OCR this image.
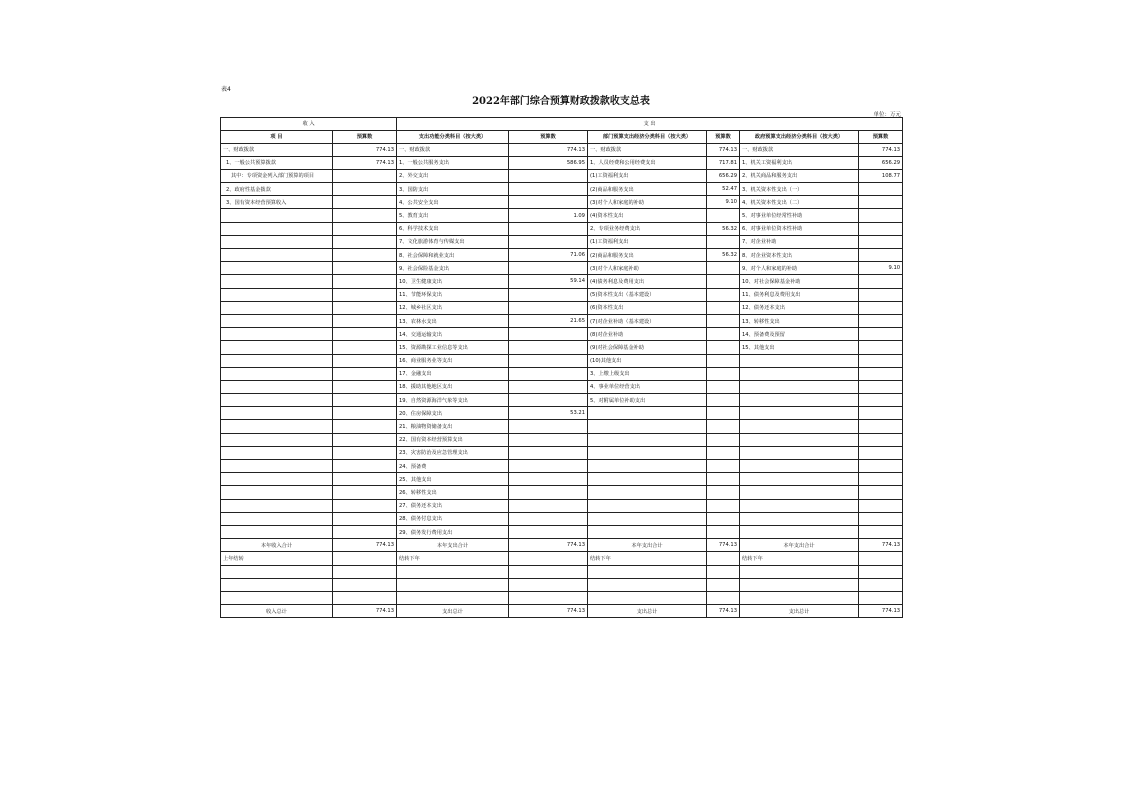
表4
2022年部门综合预算财政拨款收支总表
单位：万元
收 入		支 出					
项 目	预算数	支出功能分类科目（按大类）	预算数	部门预算支出经济分类科目（按大类）	预算数	政府预算支出经济分类科目（按大类）	预算数
一、财政拨款	774.13	一、财政拨款	774.13	一、财政拨款	774.13	一、财政拨款	774.13
1、一般公共预算拨款	774.13	1、一般公共服务支出	586.95	1、人员经费和公用经费支出	717.81	1、机关工资福利支出	656.29
其中：专项资金列入部门预算的项目		2、外交支出		(1)工资福利支出	656.29	2、机关商品和服务支出	108.77
2、政府性基金拨款		3、国防支出		(2)商品和服务支出	52.47	3、机关资本性支出（一）	
3、国有资本经营预算收入		4、公共安全支出		(3)对个人和家庭的补助	9.10	4、机关资本性支出（二）	
		5、教育支出	1.09	(4)资本性支出		5、对事业单位经常性补助	
		6、科学技术支出		2、专项业务经费支出	56.32	6、对事业单位资本性补助	
		7、文化旅游体育与传媒支出		(1)工资福利支出		7、对企业补助	
		8、社会保障和就业支出	71.06	(2)商品和服务支出	56.32	8、对企业资本性支出	
		9、社会保险基金支出		(3)对个人和家庭补助		9、对个人和家庭的补助	9.10
		10、卫生健康支出	59.14	(4)债务利息及费用支出		10、对社会保障基金补助	
		11、节能环保支出		(5)资本性支出（基本建设）		11、债务利息及费用支出	
		12、城乡社区支出		(6)资本性支出		12、债务还本支出	
		13、农林水支出	21.65	(7)对企业补助（基本建设）		13、转移性支出	
		14、交通运输支出		(8)对企业补助		14、预备费及预留	
		15、资源勘探工业信息等支出		(9)对社会保障基金补助		15、其他支出	
		16、商业服务业等支出		(10)其他支出			
		17、金融支出		3、上缴上级支出			
		18、援助其他地区支出		4、事业单位经营支出			
		19、自然资源海洋气象等支出		5、对附属单位补助支出			
		20、住房保障支出	53.21				
		21、粮油物资储备支出					
		22、国有资本经营预算支出					
		23、灾害防治及应急管理支出					
		24、预备费					
		25、其他支出					
		26、转移性支出					
		27、债务还本支出					
		28、债务付息支出					
		29、债务发行费用支出					
本年收入合计	774.13	本年支出合计	774.13	本年支出合计	774.13	本年支出合计	774.13
上年结转		结转下年		结转下年		结转下年	

收入总计	774.13	支出总计	774.13	支出总计	774.13	支出总计	774.13
